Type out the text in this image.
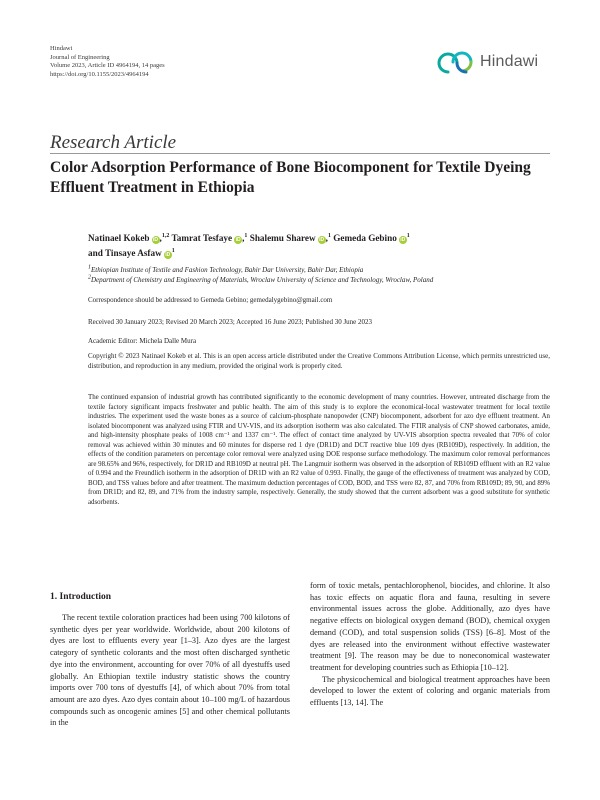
Hindawi
Journal of Engineering
Volume 2023, Article ID 4964194, 14 pages
https://doi.org/10.1155/2023/4964194
Hindawi
Research Article
Color Adsorption Performance of Bone Biocomponent for Textile Dyeing Effluent Treatment in Ethiopia
Natinael Kokeb iD ,$^{1,2}$ Tamrat Tesfaye iD ,$^1$ Shalemu Sharew iD ,$^1$ Gemeda Gebino $iD^1$
and Tinsaye Asfaw $iD^1$
$^1$Ethiopian Institute of Textile and Fashion Technology, Bahir Dar University, Bahir Dar, Ethiopia
$^2$Department of Chemistry and Engineering of Materials, Wroclaw University of Science and Technology, Wroclaw, Poland
Correspondence should be addressed to Gemeda Gebino; gemedalygebino@gmail.com
Received 30 January 2023; Revised 20 March 2023; Accepted 16 June 2023; Published 30 June 2023
Academic Editor: Michela Dalle Mura
Copyright © 2023 Natinael Kokeb et al. This is an open access article distributed under the Creative Commons Attribution License, which permits unrestricted use, distribution, and reproduction in any medium, provided the original work is properly cited.
The continued expansion of industrial growth has contributed significantly to the economic development of many countries. However, untreated discharge from the textile factory significant impacts freshwater and public health. The aim of this study is to explore the economical-local wastewater treatment for local textile industries. The experiment used the waste bones as a source of calcium-phosphate nanopowder (CNP) biocomponent, adsorbent for azo dye effluent treatment. An isolated biocomponent was analyzed using FTIR and UV-VIS, and its adsorption isotherm was also calculated. The FTIR analysis of CNP showed carbonates, amide, and high-intensity phosphate peaks of 1008 cm⁻¹ and 1337 cm⁻¹. The effect of contact time analyzed by UV-VIS absorption spectra revealed that 70% of color removal was achieved within 30 minutes and 60 minutes for disperse red 1 dye (DR1D) and DCT reactive blue 109 dyes (RB109D), respectively. In addition, the effects of the condition parameters on percentage color removal were analyzed using DOE response surface methodology. The maximum color removal performances are 98.65% and 96%, respectively, for DR1D and RB109D at neutral pH. The Langmuir isotherm was observed in the adsorption of RB109D effluent with an R2 value of 0.994 and the Freundlich isotherm in the adsorption of DR1D with an R2 value of 0.993. Finally, the gauge of the effectiveness of treatment was analyzed by COD, BOD, and TSS values before and after treatment. The maximum deduction percentages of COD, BOD, and TSS were 82, 87, and 70% from RB109D; 89, 90, and 89% from DR1D; and 82, 89, and 71% from the industry sample, respectively. Generally, the study showed that the current adsorbent was a good substitute for synthetic adsorbents.
1. Introduction

The recent textile coloration practices had been using 700 kilotons of synthetic dyes per year worldwide. Worldwide, about 200 kilotons of dyes are lost to effluents every year [1–3]. Azo dyes are the largest category of synthetic colorants and the most often discharged synthetic dye into the environment, accounting for over 70% of all dyestuffs used globally. An Ethiopian textile industry statistic shows the country imports over 700 tons of dyestuffs [4], of which about 70% from total amount are azo dyes. Azo dyes contain about 10–100 mg/L of hazardous compounds such as oncogenic amines [5] and other chemical pollutants in the

form of toxic metals, pentachlorophenol, biocides, and chlorine. It also has toxic effects on aquatic flora and fauna, resulting in severe environmental issues across the globe. Additionally, azo dyes have negative effects on biological oxygen demand (BOD), chemical oxygen demand (COD), and total suspension solids (TSS) [6–8]. Most of the dyes are released into the environment without effective wastewater treatment [9]. The reason may be due to noneconomical wastewater treatment for developing countries such as Ethiopia [10–12].

The physicochemical and biological treatment approaches have been developed to lower the extent of coloring and organic materials from effluents [13, 14]. The
